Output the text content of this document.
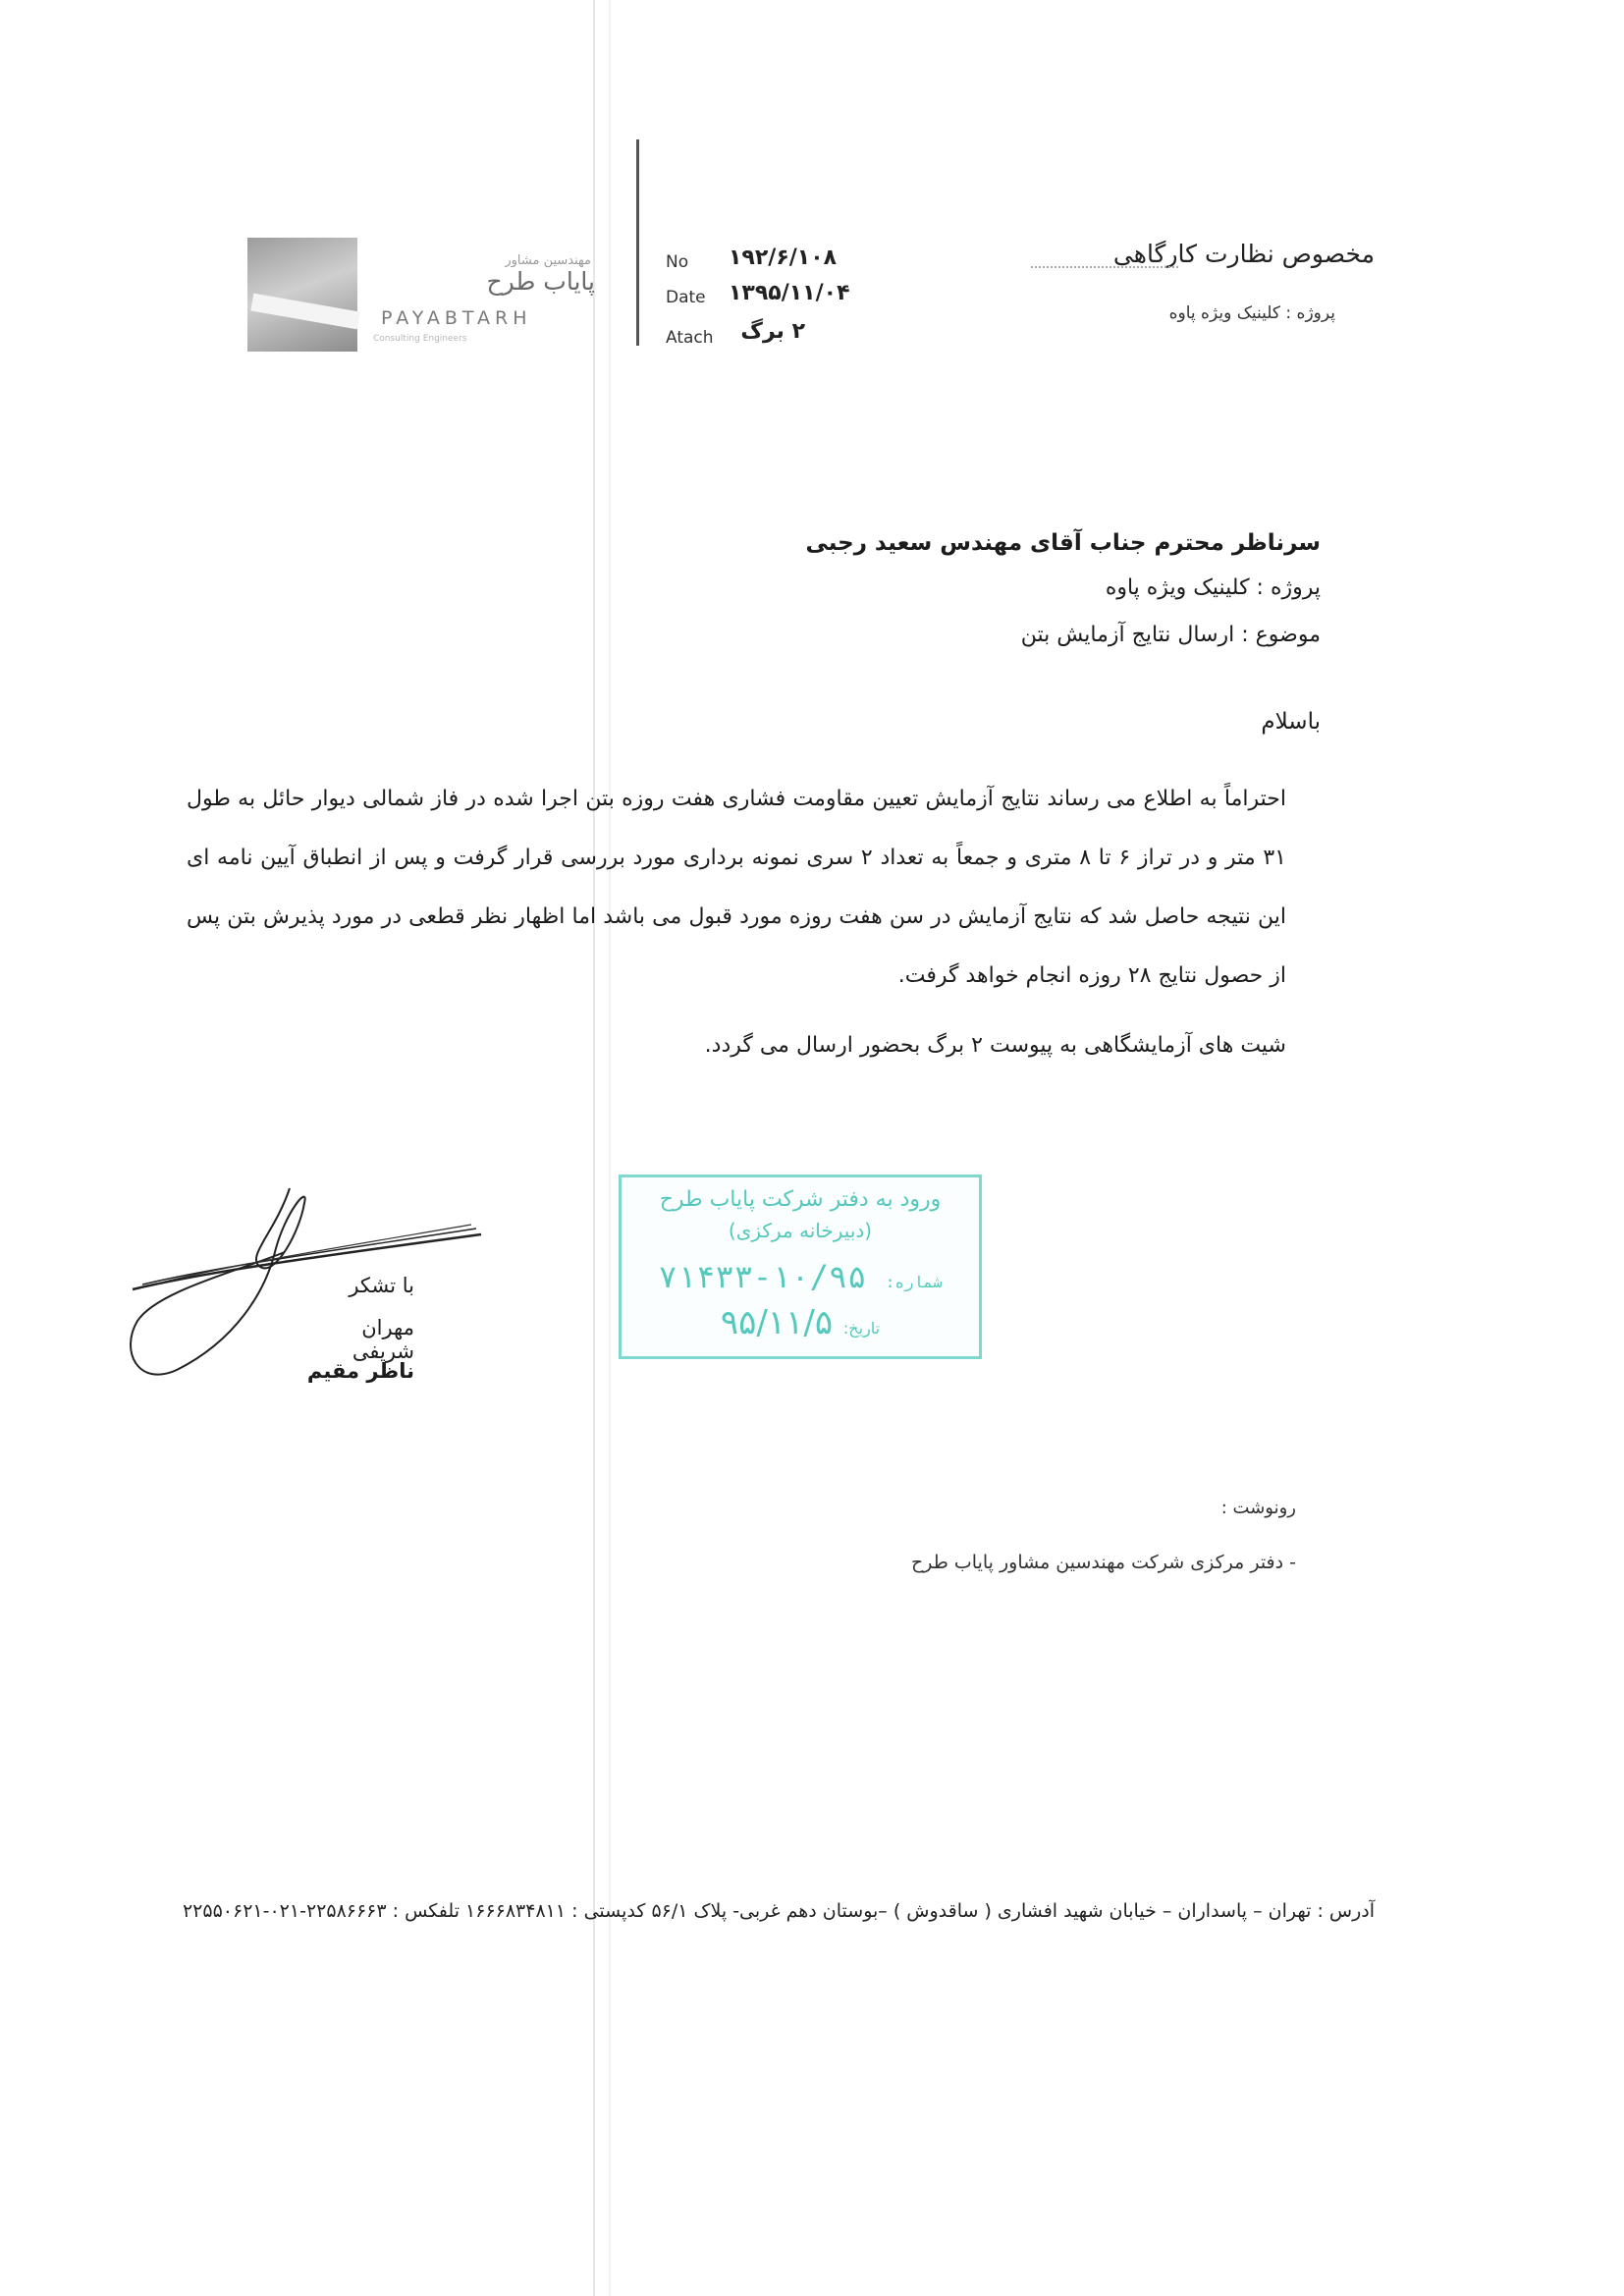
مهندسین مشاور
پایاب طرح
PAYABTARH
Consulting Engineers
No ۱۹۲/۶/۱۰۸
Date ۱۳۹۵/۱۱/۰۴
Atach	۲ برگ
مخصوص نظارت کارگاهی
پروژه : کلینیک ویژه پاوه
سرناظر محترم جناب آقای مهندس سعید رجبی
پروژه : کلینیک ویژه پاوه
موضوع : ارسال نتایج آزمایش بتن
باسلام
احتراماً به اطلاع می رساند نتایج آزمایش تعیین مقاومت فشاری هفت روزه بتن اجرا شده در فاز شمالی دیوار حائل به طول ۳۱ متر و در تراز ۶ تا ۸ متری و جمعاً به تعداد ۲ سری نمونه برداری مورد بررسی قرار گرفت و پس از انطباق آیین نامه ای این نتیجه حاصل شد که نتایج آزمایش در سن هفت روزه مورد قبول می باشد اما اظهار نظر قطعی در مورد پذیرش بتن پس از حصول نتایج ۲۸ روزه انجام خواهد گرفت.
شیت های آزمایشگاهی به پیوست ۲ برگ بحضور ارسال می گردد.
با تشکر
مهران شریفی
ناظر مقیم
ورود به دفتر شرکت پایاب طرح
(دبیرخانه مرکزی)
شماره: ۱۰/۹۵-۷۱۴۳۳
تاریخ: ۹۵/۱۱/۵
رونوشت :
- دفتر مرکزی شرکت مهندسین مشاور پایاب طرح
آدرس : تهران – پاسداران – خیابان شهید افشاری ( ساقدوش ) –بوستان دهم غربی- پلاک ۵۶/۱ کدپستی : ۱۶۶۶۸۳۴۸۱۱ تلفکس : ۲۲۵۸۶۶۶۳-۰۲۱-۲۲۵۵۰۶۲۱
